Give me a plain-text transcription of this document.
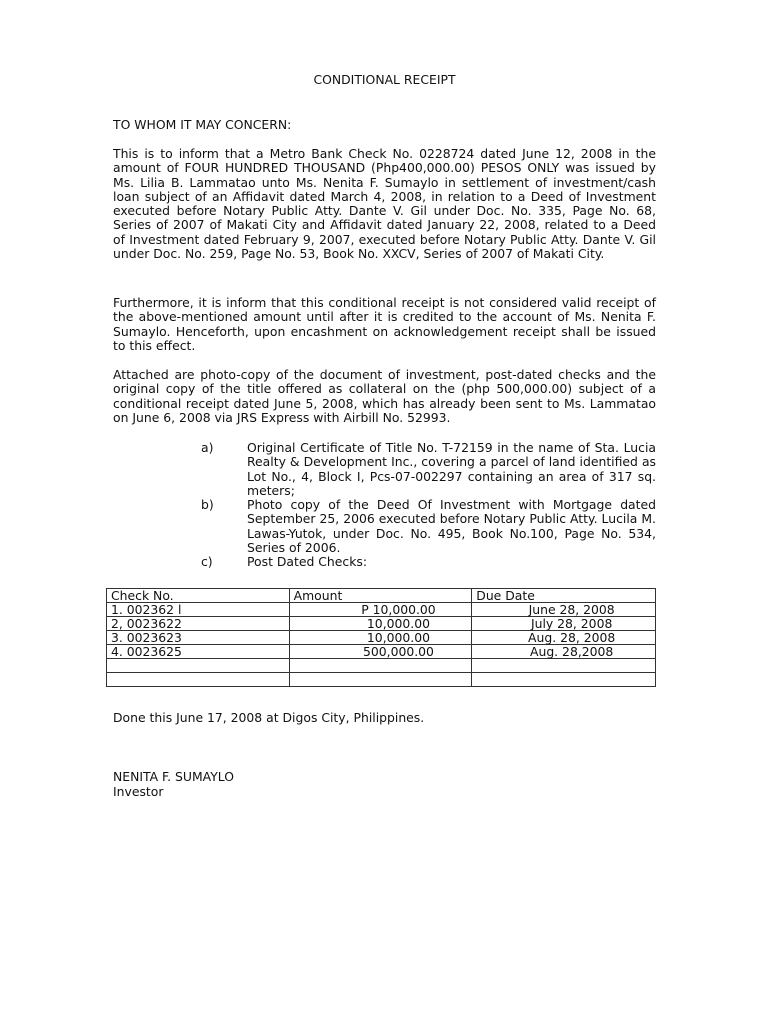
CONDITIONAL RECEIPT
TO WHOM IT MAY CONCERN:

This is to inform that a Metro Bank Check No. 0228724 dated June 12, 2008 in the amount of FOUR HUNDRED THOUSAND (Php400,000.00) PESOS ONLY was issued by Ms. Lilia B. Lammatao unto Ms. Nenita F. Sumaylo in settlement of investment/cash loan subject of an Affidavit dated March 4, 2008, in relation to a Deed of Investment executed before Notary Public Atty. Dante V. Gil under Doc. No. 335, Page No. 68, Series of 2007 of Makati City and Affidavit dated January 22, 2008, related to a Deed of Investment dated February 9, 2007, executed before Notary Public Atty. Dante V. Gil under Doc. No. 259, Page No. 53, Book No. XXCV, Series of 2007 of Makati City.

Furthermore, it is inform that this conditional receipt is not considered valid receipt of the above-mentioned amount until after it is credited to the account of Ms. Nenita F. Sumaylo. Henceforth, upon encashment on acknowledgement receipt shall be issued to this effect.

Attached are photo-copy of the document of investment, post-dated checks and the original copy of the title offered as collateral on the (php 500,000.00) subject of a conditional receipt dated June 5, 2008, which has already been sent to Ms. Lammatao on June 6, 2008 via JRS Express with Airbill No. 52993.

a)	Original Certificate of Title No. T-72159 in the name of Sta. Lucia Realty & Development Inc., covering a parcel of land identified as Lot No., 4, Block I, Pcs-07-002297 containing an area of 317 sq. meters;
b)	Photo copy of the Deed Of Investment with Mortgage dated September 25, 2006 executed before Notary Public Atty. Lucila M. Lawas-Yutok, under Doc. No. 495, Book No.100, Page No. 534, Series of 2006.
c)	Post Dated Checks:
Check No.	Amount	Due Date
1. 002362 l	P 10,000.00	June 28, 2008
2, 0023622	10,000.00	July 28, 2008
3. 0023623	10,000.00	Aug. 28, 2008
4. 0023625	500,000.00	Aug. 28,2008

Done this June 17, 2008 at Digos City, Philippines.
NENITA F. SUMAYLO
Investor
